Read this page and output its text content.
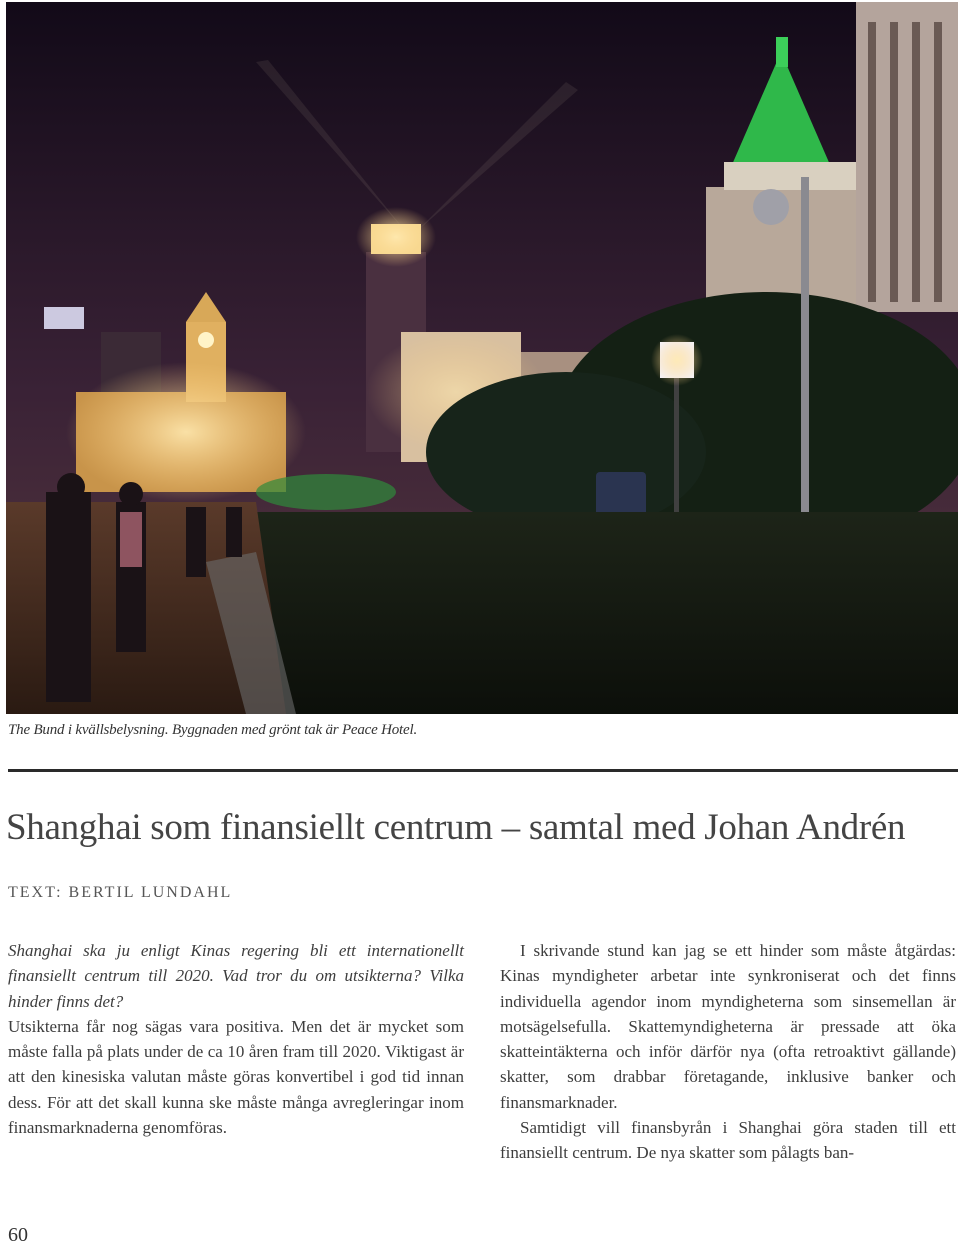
The Bund i kvällsbelysning. Byggnaden med grönt tak är Peace Hotel.
Shanghai som finansiellt centrum – samtal med Johan Andrén
TEXT: BERTIL LUNDAHL

Shanghai ska ju enligt Kinas regering bli ett internationellt finansiellt centrum till 2020. Vad tror du om utsikterna? Vilka hinder finns det?

Utsikterna får nog sägas vara positiva. Men det är mycket som måste falla på plats under de ca 10 åren fram till 2020. Viktigast är att den kinesiska valutan måste göras konvertibel i god tid innan dess. För att det skall kunna ske måste många avregleringar inom finansmarknaderna genomföras.

I skrivande stund kan jag se ett hinder som måste åtgärdas: Kinas myndigheter arbetar inte synkroniserat och det finns individuella agendor inom myndigheterna som sinsemellan är motsägelsefulla. Skattemyndigheterna är pressade att öka skatteintäkterna och inför därför nya (ofta retroaktivt gällande) skatter, som drabbar företagande, inklusive banker och finansmarknader.

Samtidigt vill finansbyrån i Shanghai göra staden till ett finansiellt centrum. De nya skatter som pålagts ban-

60
